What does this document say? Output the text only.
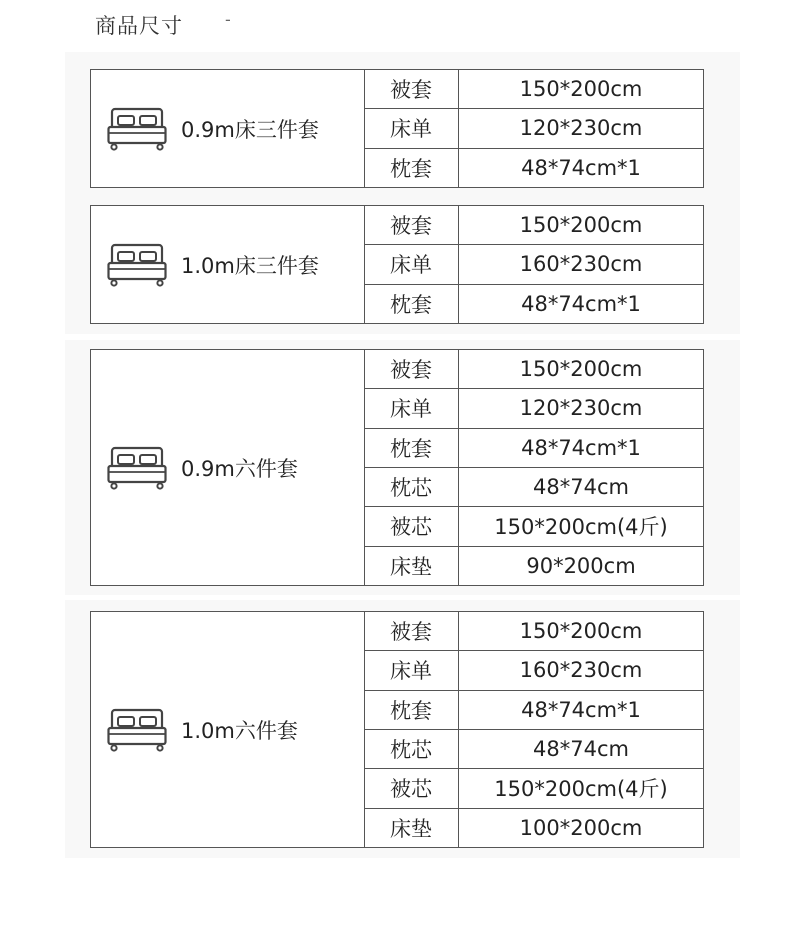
商品尺寸	-
0.9m床三件套
被套	150*200cm
床单	120*230cm
枕套	48*74cm*1
1.0m床三件套
被套	150*200cm
床单	160*230cm
枕套	48*74cm*1
0.9m六件套
被套	150*200cm
床单	120*230cm
枕套	48*74cm*1
枕芯	48*74cm
被芯	150*200cm(4斤)
床垫	90*200cm
1.0m六件套
被套	150*200cm
床单	160*230cm
枕套	48*74cm*1
枕芯	48*74cm
被芯	150*200cm(4斤)
床垫	100*200cm
